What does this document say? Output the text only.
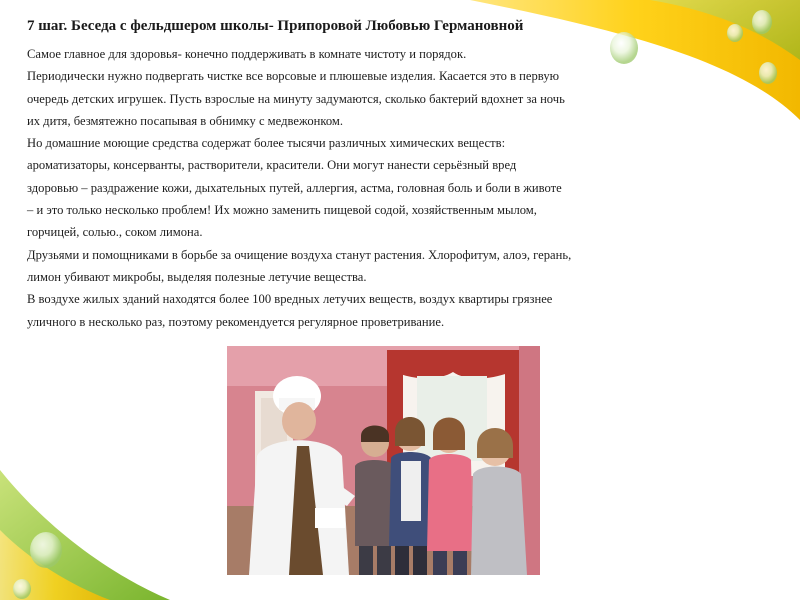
7 шаг. Беседа с фельдшером школы- Припоровой Любовью Германовной
Самое главное для здоровья- конечно поддерживать в комнате чистоту и порядок.
Периодически нужно подвергать чистке все ворсовые и плюшевые изделия. Касается это в первую
очередь детских игрушек. Пусть взрослые на минуту задумаются, сколько бактерий вдохнет за ночь
их дитя, безмятежно посапывая в обнимку с медвежонком.
Но домашние моющие средства содержат более тысячи различных химических веществ:
ароматизаторы, консерванты, растворители, красители. Они могут нанести серьёзный вред
здоровью – раздражение кожи, дыхательных путей, аллергия, астма, головная боль и боли в животе
– и это только несколько проблем! Их можно заменить пищевой содой, хозяйственным мылом,
горчицей, солью., соком лимона.
Друзьями и помощниками в борьбе за очищение воздуха станут растения. Хлорофитум, алоэ, герань,
лимон убивают микробы, выделяя полезные летучие вещества.
В воздухе жилых зданий находятся более 100 вредных летучих веществ, воздух квартиры грязнее
уличного в несколько раз, поэтому рекомендуется регулярное проветривание.
